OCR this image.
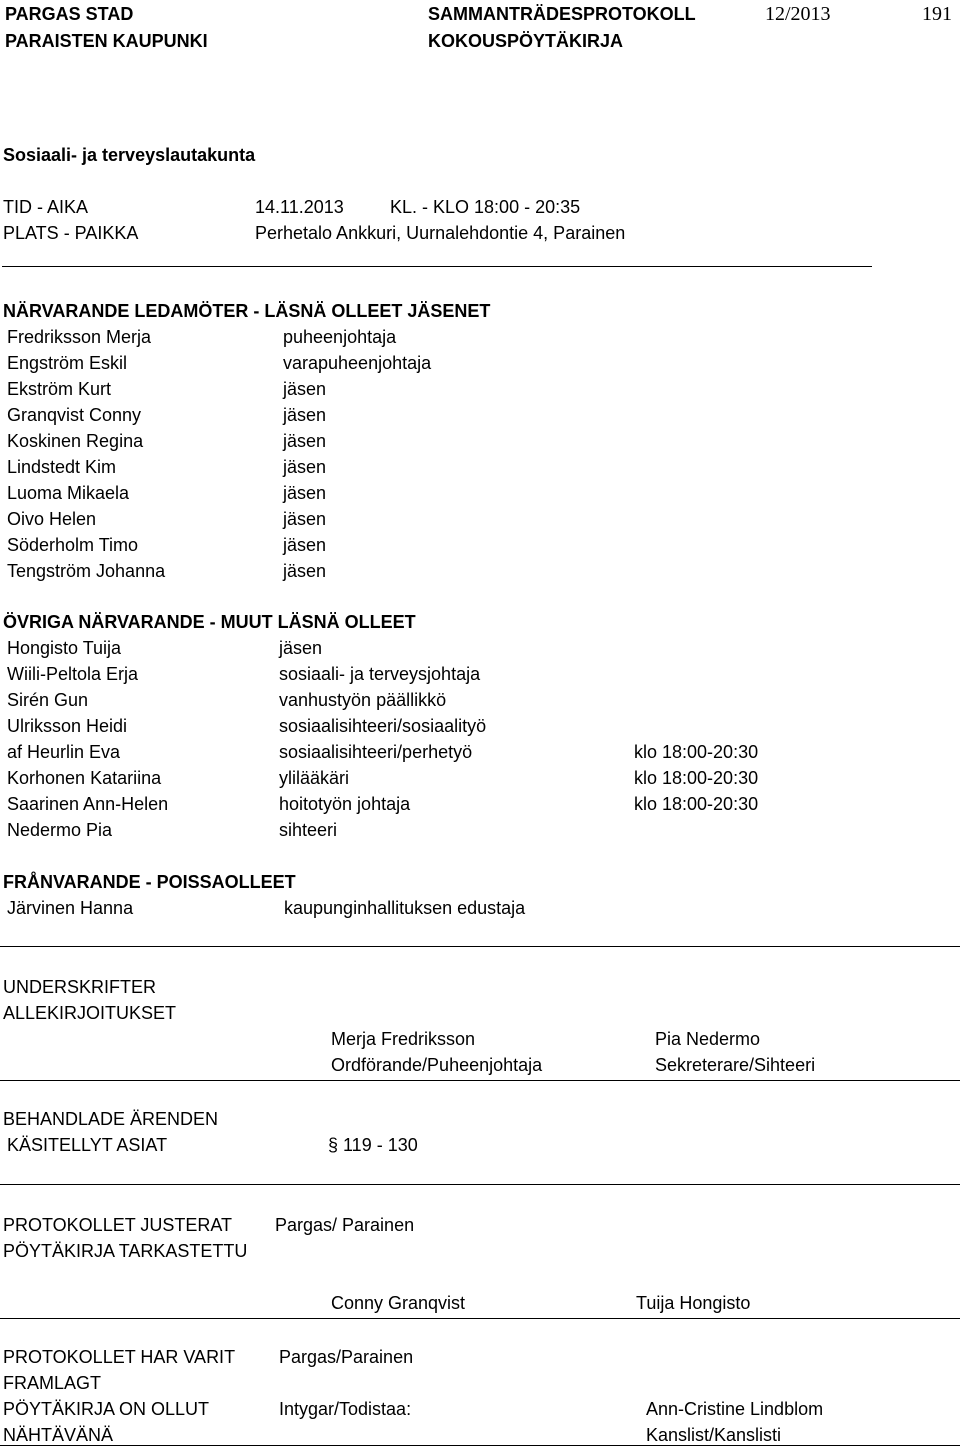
PARGAS STAD
PARAISTEN KAUPUNKI
SAMMANTRÄDESPROTOKOLL
KOKOUSPÖYTÄKIRJA
12/2013	191
Sosiaali- ja terveyslautakunta
TID - AIKA	14.11.2013	KL. - KLO 18:00 - 20:35
PLATS - PAIKKA	Perhetalo Ankkuri, Uurnalehdontie 4, Parainen
NÄRVARANDE LEDAMÖTER - LÄSNÄ OLLEET JÄSENET
Fredriksson Merja	puheenjohtaja
Engström Eskil	varapuheenjohtaja
Ekström Kurt	jäsen
Granqvist Conny	jäsen
Koskinen Regina	jäsen
Lindstedt Kim	jäsen
Luoma Mikaela	jäsen
Oivo Helen	jäsen
Söderholm Timo	jäsen
Tengström Johanna	jäsen
ÖVRIGA NÄRVARANDE - MUUT LÄSNÄ OLLEET
Hongisto Tuija	jäsen
Wiili-Peltola Erja	sosiaali- ja terveysjohtaja
Sirén Gun	vanhustyön päällikkö
Ulriksson Heidi	sosiaalisihteeri/sosiaalityö
af Heurlin Eva	sosiaalisihteeri/perhetyö	klo 18:00-20:30
Korhonen Katariina	ylilääkäri	klo 18:00-20:30
Saarinen Ann-Helen	hoitotyön johtaja	klo 18:00-20:30
Nedermo Pia	sihteeri
FRÅNVARANDE - POISSAOLLEET
Järvinen Hanna	kaupunginhallituksen edustaja
UNDERSKRIFTER
ALLEKIRJOITUKSET
Merja Fredriksson
Ordförande/Puheenjohtaja
Pia Nedermo
Sekreterare/Sihteeri
BEHANDLADE ÄRENDEN
KÄSITELLYT ASIAT	§ 119 - 130
PROTOKOLLET JUSTERAT
PÖYTÄKIRJA TARKASTETTU
Pargas/ Parainen
Conny Granqvist	Tuija Hongisto
PROTOKOLLET HAR VARIT
FRAMLAGT
PÖYTÄKIRJA ON OLLUT
NÄHTÄVÄNÄ
Pargas/Parainen
Intygar/Todistaa:	Ann-Cristine Lindblom
Kanslist/Kanslisti
